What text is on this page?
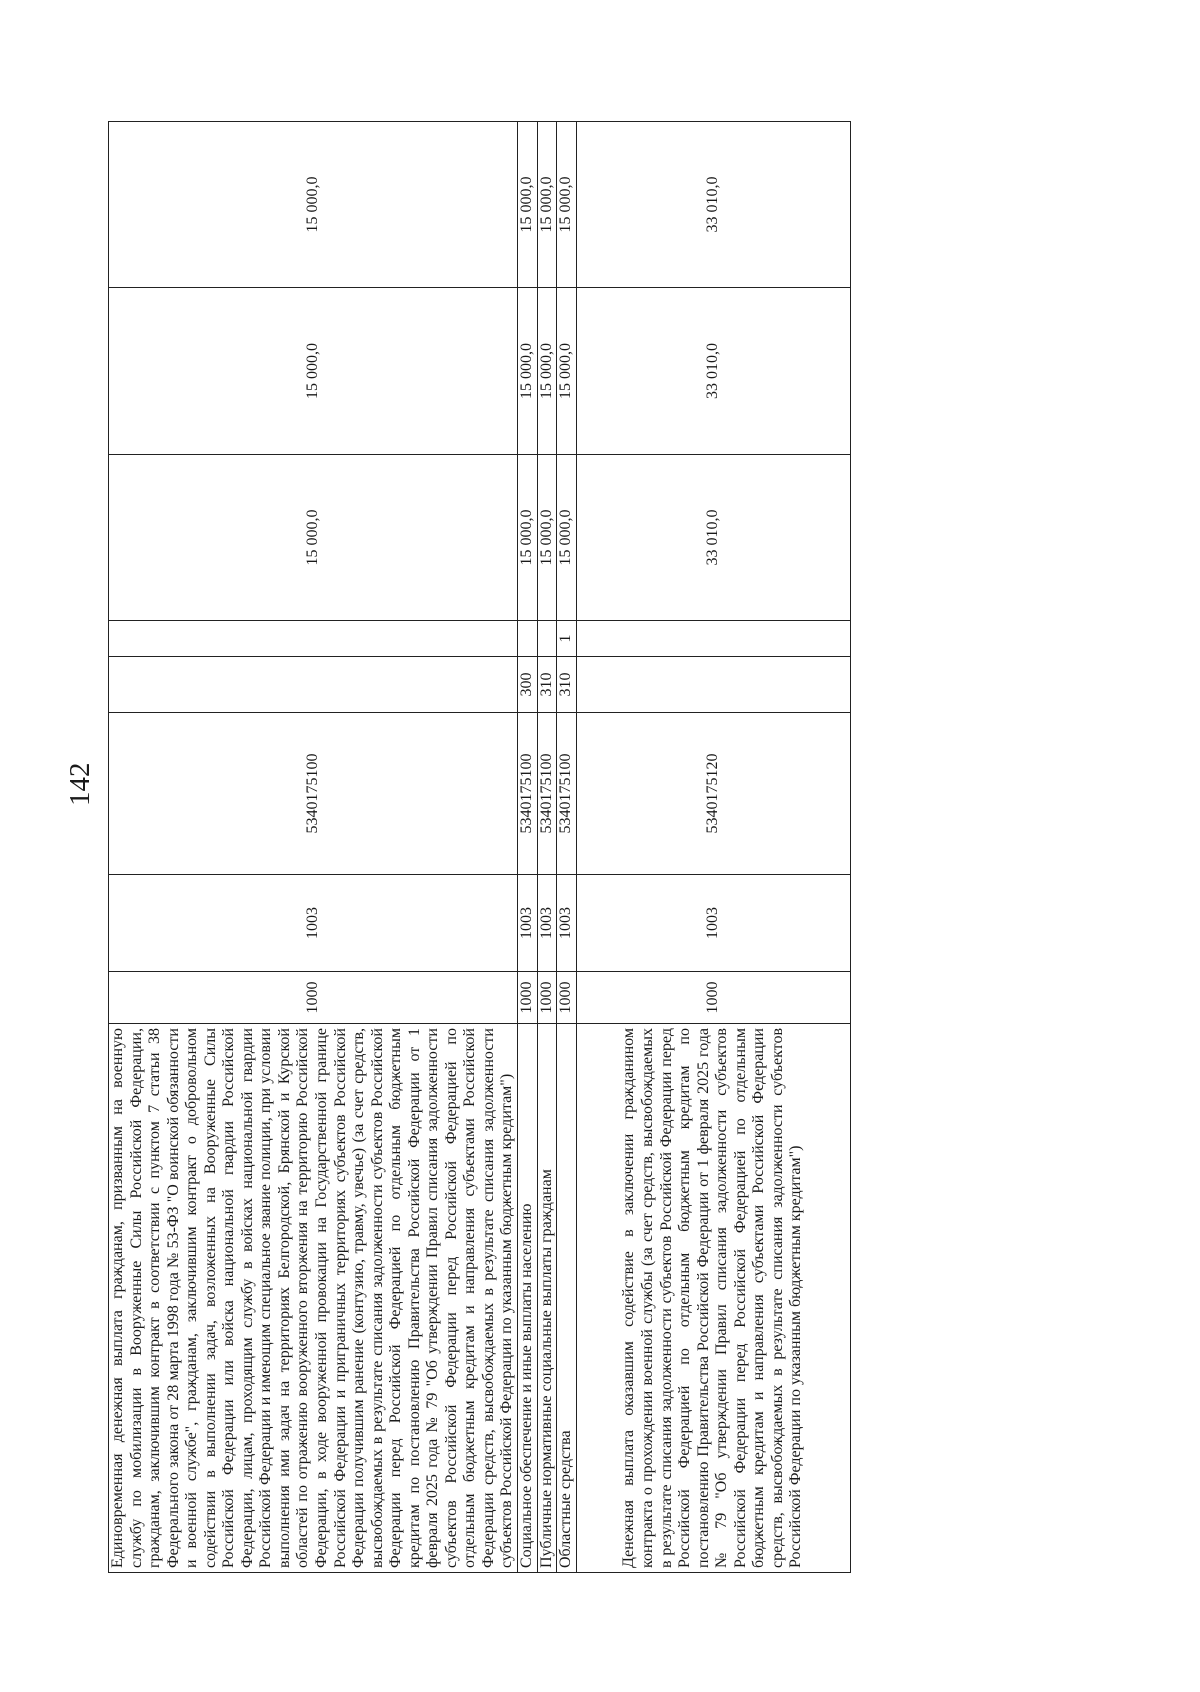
142
Единовременная денежная выплата гражданам, призванным на военную службу по мобилизации в Вооруженные Силы Российской Федерации, гражданам, заключившим контракт в соответствии с пунктом 7 статьи 38 Федерального закона от 28 марта 1998 года № 53-ФЗ "О воинской обязанности и военной службе", гражданам, заключившим контракт о добровольном содействии в выполнении задач, возложенных на Вооруженные Силы Российской Федерации или войска национальной гвардии Российской Федерации, лицам, проходящим службу в войсках национальной гвардии Российской Федерации и имеющим специальное звание полиции, при условии выполнения ими задач на территориях Белгородской, Брянской и Курской областей по отражению вооруженного вторжения на территорию Российской Федерации, в ходе вооруженной провокации на Государственной границе Российской Федерации и приграничных территориях субъектов Российской Федерации получившим ранение (контузию, травму, увечье) (за счет средств, высвобождаемых в результате списания задолженности субъектов Российской Федерации перед Российской Федерацией по отдельным бюджетным кредитам по постановлению Правительства Российской Федерации от 1 февраля 2025 года № 79 "Об утверждении Правил списания задолженности субъектов Российской Федерации перед Российской Федерацией по отдельным бюджетным кредитам и направления субъектами Российской Федерации средств, высвобождаемых в результате списания задолженности субъектов Российской Федерации по указанным бюджетным кредитам")	1000	1003	5340175100			15 000,0	15 000,0	15 000,0
Социальное обеспечение и иные выплаты населению	1000	1003	5340175100	300		15 000,0	15 000,0	15 000,0
Публичные нормативные социальные выплаты гражданам	1000	1003	5340175100	310		15 000,0	15 000,0	15 000,0
Областные средства	1000	1003	5340175100	310	1	15 000,0	15 000,0	15 000,0
Денежная выплата оказавшим содействие в заключении гражданином контракта о прохождении военной службы (за счет средств, высвобождаемых в результате списания задолженности субъектов Российской Федерации перед Российской Федерацией по отдельным бюджетным кредитам по постановлению Правительства Российской Федерации от 1 февраля 2025 года № 79 "Об утверждении Правил списания задолженности субъектов Российской Федерации перед Российской Федерацией по отдельным бюджетным кредитам и направления субъектами Российской Федерации средств, высвобождаемых в результате списания задолженности субъектов Российской Федерации по указанным бюджетным кредитам")	1000	1003	5340175120			33 010,0	33 010,0	33 010,0
